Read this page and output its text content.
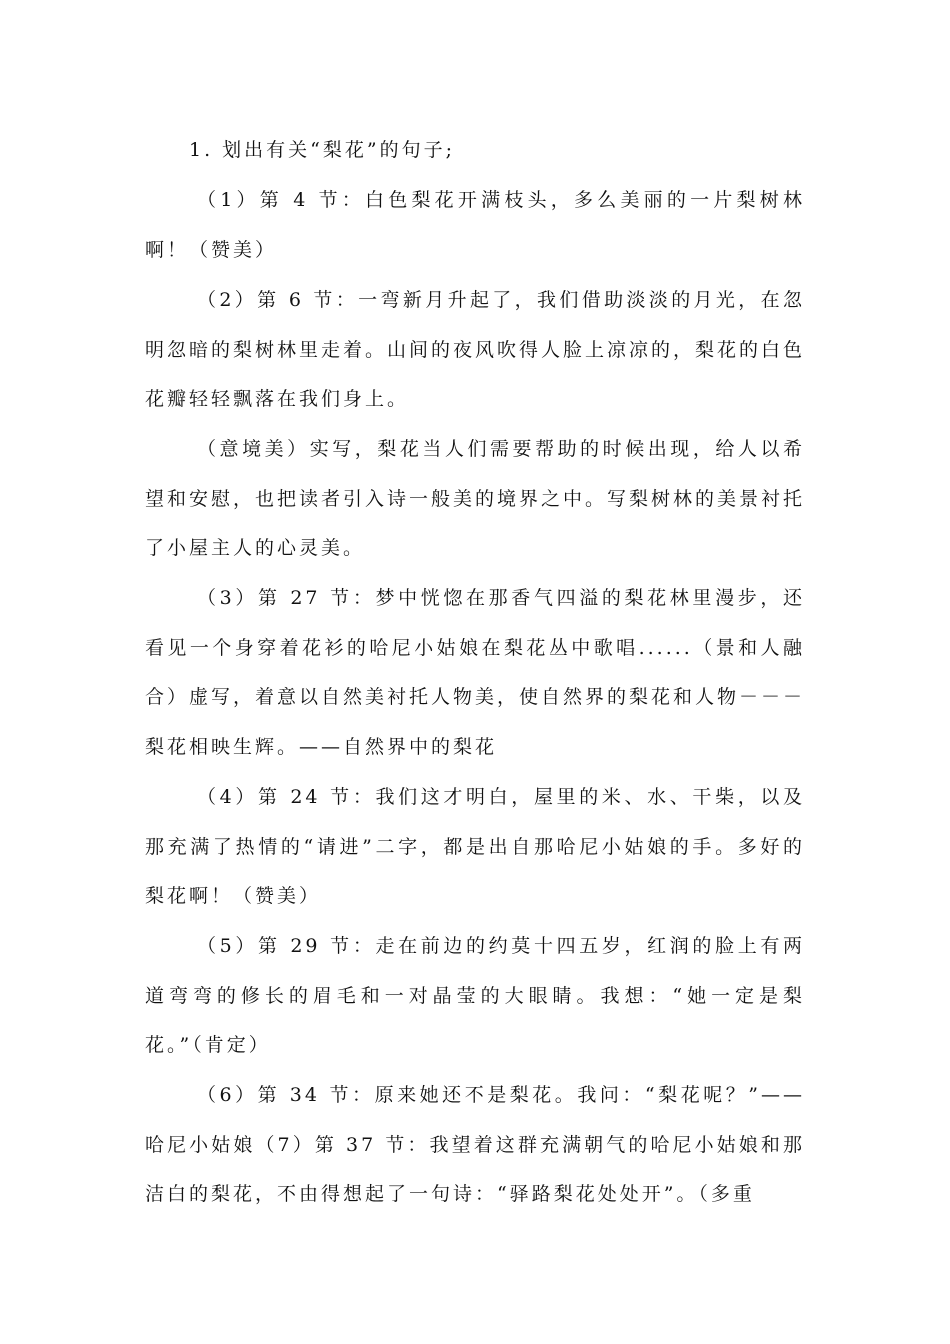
1. 划出有关“梨花”的句子;

（1）第 4 节：白色梨花开满枝头，多么美丽的一片梨树林啊！（赞美）

（2）第 6 节：一弯新月升起了，我们借助淡淡的月光，在忽明忽暗的梨树林里走着。山间的夜风吹得人脸上凉凉的，梨花的白色花瓣轻轻飘落在我们身上。

（意境美）实写，梨花当人们需要帮助的时候出现，给人以希望和安慰，也把读者引入诗一般美的境界之中。写梨树林的美景衬托了小屋主人的心灵美。

（3）第 27 节：梦中恍惚在那香气四溢的梨花林里漫步，还看见一个身穿着花衫的哈尼小姑娘在梨花丛中歌唱......（景和人融合）虚写，着意以自然美衬托人物美，使自然界的梨花和人物－－－梨花相映生辉。——自然界中的梨花

（4）第 24 节：我们这才明白，屋里的米、水、干柴，以及那充满了热情的“请进”二字，都是出自那哈尼小姑娘的手。多好的梨花啊！（赞美）

（5）第 29 节：走在前边的约莫十四五岁，红润的脸上有两道弯弯的修长的眉毛和一对晶莹的大眼睛。我想：“她一定是梨花。”（肯定）

（6）第 34 节：原来她还不是梨花。我问：“梨花呢？”——哈尼小姑娘（7）第 37 节：我望着这群充满朝气的哈尼小姑娘和那洁白的梨花，不由得想起了一句诗：“驿路梨花处处开”。（多重
